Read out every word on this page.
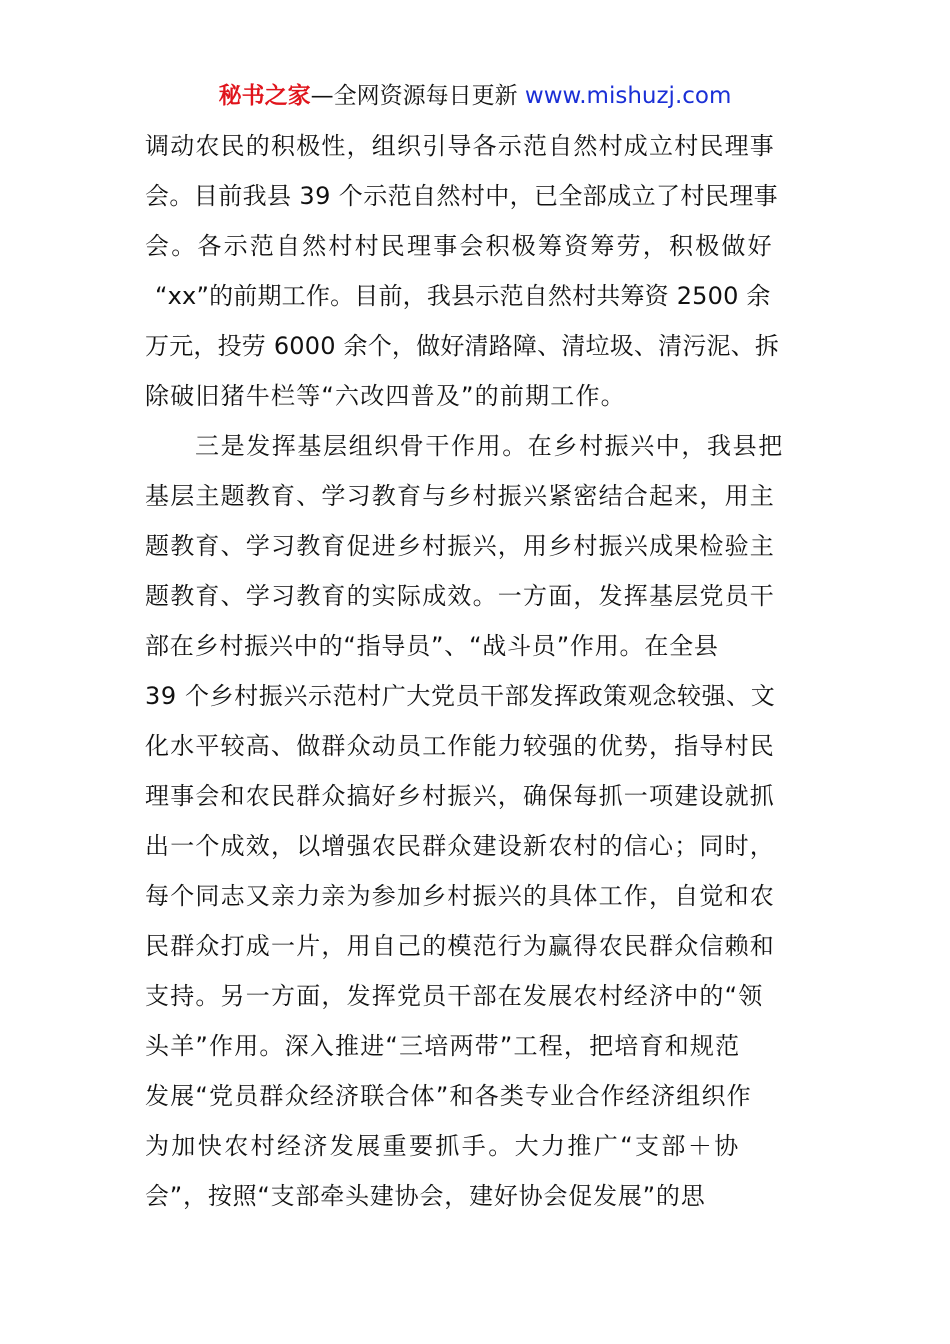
秘书之家—全网资源每日更新 www.mishuzj.com
调动农民的积极性，组织引导各示范自然村成立村民理事
会。目前我县 39 个示范自然村中，已全部成立了村民理事
会。各示范自然村村民理事会积极筹资筹劳，积极做好
“xx”的前期工作。目前，我县示范自然村共筹资 2500 余
万元，投劳 6000 余个，做好清路障、清垃圾、清污泥、拆
除破旧猪牛栏等“六改四普及”的前期工作。
三是发挥基层组织骨干作用。在乡村振兴中，我县把
基层主题教育、学习教育与乡村振兴紧密结合起来，用主
题教育、学习教育促进乡村振兴，用乡村振兴成果检验主
题教育、学习教育的实际成效。一方面，发挥基层党员干
部在乡村振兴中的“指导员”、“战斗员”作用。在全县
39 个乡村振兴示范村广大党员干部发挥政策观念较强、文
化水平较高、做群众动员工作能力较强的优势，指导村民
理事会和农民群众搞好乡村振兴，确保每抓一项建设就抓
出一个成效，以增强农民群众建设新农村的信心；同时，
每个同志又亲力亲为参加乡村振兴的具体工作，自觉和农
民群众打成一片，用自己的模范行为赢得农民群众信赖和
支持。另一方面，发挥党员干部在发展农村经济中的“领
头羊”作用。深入推进“三培两带”工程，把培育和规范
发展“党员群众经济联合体”和各类专业合作经济组织作
为加快农村经济发展重要抓手。大力推广“支部＋协
会”，按照“支部牵头建协会，建好协会促发展”的思
